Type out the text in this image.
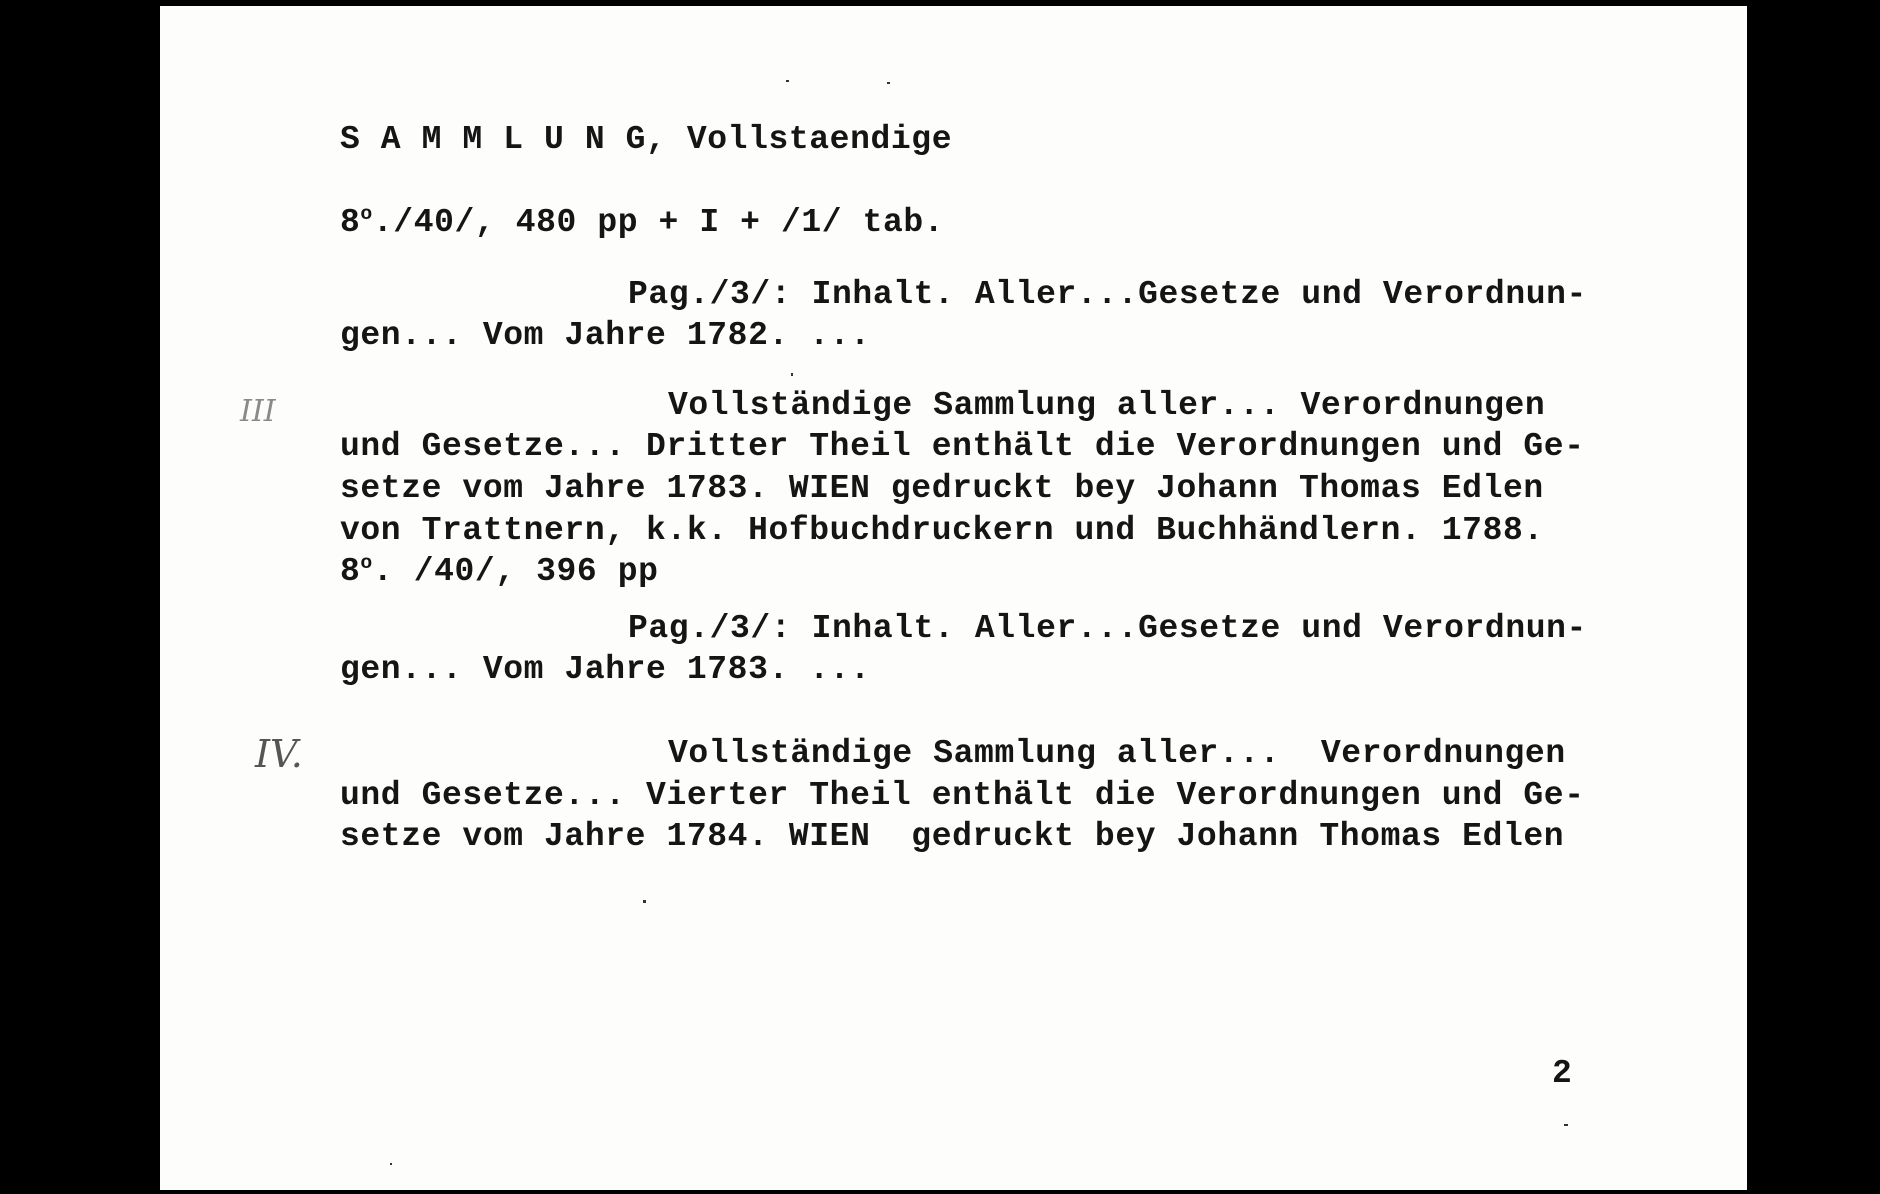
S A M M L U N G, Vollstaendige
8$^o$./40/, 480 pp + I + /1/ tab.
Pag./3/: Inhalt. Aller...Gesetze und Verordnun-
gen... Vom Jahre 1782. ...
III	Vollständige Sammlung aller... Verordnungen
und Gesetze... Dritter Theil enthält die Verordnungen und Ge-
setze vom Jahre 1783. WIEN gedruckt bey Johann Thomas Edlen
von Trattnern, k.k. Hofbuchdruckern und Buchhändlern. 1788.
8$^o$. /40/, 396 pp
Pag./3/: Inhalt. Aller...Gesetze und Verordnun-
gen... Vom Jahre 1783. ...
IV.	Vollständige Sammlung aller...  Verordnungen
und Gesetze... Vierter Theil enthält die Verordnungen und Ge-
setze vom Jahre 1784. WIEN  gedruckt bey Johann Thomas Edlen
2
